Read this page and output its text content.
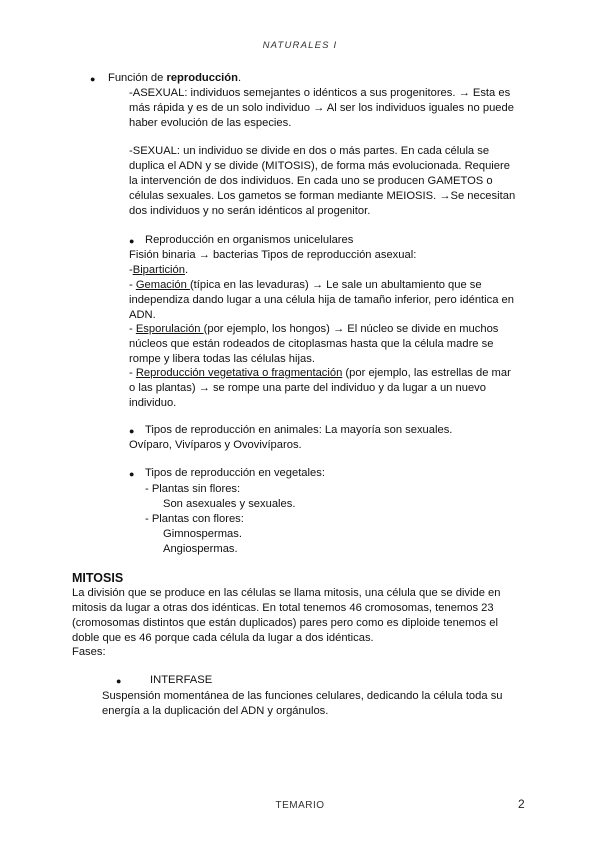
NATURALES I
● Función de reproducción.
-ASEXUAL: individuos semejantes o idénticos a sus progenitores. → Esta es
más rápida y es de un solo individuo → Al ser los individuos iguales no puede
haber evolución de las especies.
-SEXUAL: un individuo se divide en dos o más partes. En cada célula se
duplica el ADN y se divide (MITOSIS), de forma más evolucionada. Requiere
la intervención de dos individuos. En cada uno se producen GAMETOS o
células sexuales. Los gametos se forman mediante MEIOSIS. →Se necesitan
dos individuos y no serán idénticos al progenitor.
● Reproducción en organismos unicelulares
Fisión binaria → bacterias Tipos de reproducción asexual:
-Bipartición.
- Gemación (típica en las levaduras) → Le sale un abultamiento que se
independiza dando lugar a una célula hija de tamaño inferior, pero idéntica en
ADN.
- Esporulación (por ejemplo, los hongos) → El núcleo se divide en muchos
núcleos que están rodeados de citoplasmas hasta que la célula madre se
rompe y libera todas las células hijas.
- Reproducción vegetativa o fragmentación (por ejemplo, las estrellas de mar
o las plantas) → se rompe una parte del individuo y da lugar a un nuevo
individuo.
● Tipos de reproducción en animales: La mayoría son sexuales.
Ovíparo, Vivíparos y Ovovivíparos.
● Tipos de reproducción en vegetales:
- Plantas sin flores:
Son asexuales y sexuales.
- Plantas con flores:
Gimnospermas.
Angiospermas.
MITOSIS
La división que se produce en las células se llama mitosis, una célula que se divide en
mitosis da lugar a otras dos idénticas. En total tenemos 46 cromosomas, tenemos 23
(cromosomas distintos que están duplicados) pares pero como es diploide tenemos el
doble que es 46 porque cada célula da lugar a dos idénticas.
Fases:
●	INTERFASE
Suspensión momentánea de las funciones celulares, dedicando la célula toda su
energía a la duplicación del ADN y orgánulos.
TEMARIO	2
